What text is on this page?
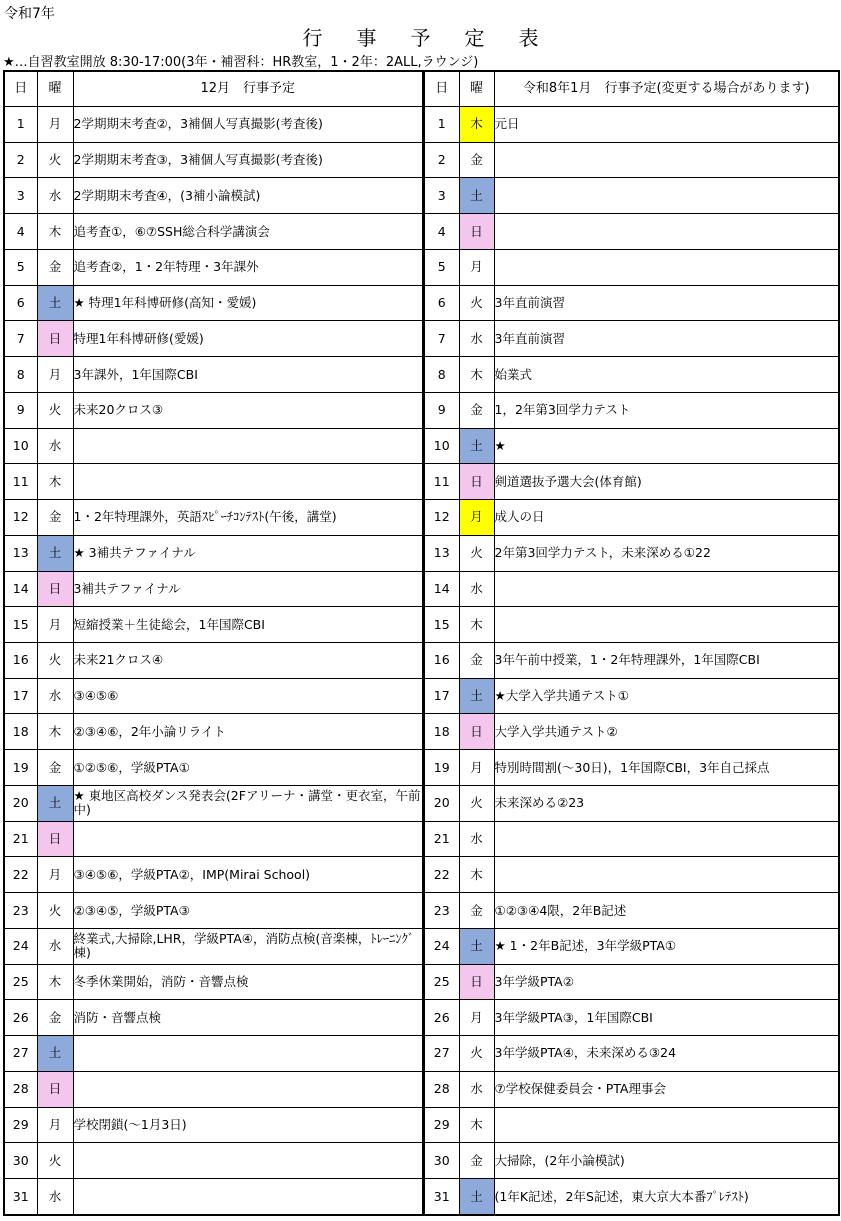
令和7年
行事予定表
★…自習教室開放 8:30-17:00(3年・補習科：HR教室，1・2年：2ALL,ラウンジ)
日	曜	12月　行事予定		日	曜	令和8年1月　行事予定(変更する場合があります)
1	月	2学期期末考査②，3補個人写真撮影(考査後)		1	木	元日
2	火	2学期期末考査③，3補個人写真撮影(考査後)		2	金	
3	水	2学期期末考査④，(3補小論模試)		3	土	
4	木	追考査①，⑥⑦SSH総合科学講演会		4	日	
5	金	追考査②，1・2年特理・3年課外		5	月	
6	土	★ 特理1年科博研修(高知・愛媛)		6	火	3年直前演習
7	日	特理1年科博研修(愛媛)		7	水	3年直前演習
8	月	3年課外，1年国際CBI		8	木	始業式
9	火	未来20クロス③		9	金	1，2年第3回学力テスト
10	水			10	土	★
11	木			11	日	剣道選抜予選大会(体育館)
12	金	1・2年特理課外，英語ｽﾋﾟｰﾁｺﾝﾃｽﾄ(午後，講堂)		12	月	成人の日
13	土	★ 3補共テファイナル		13	火	2年第3回学力テスト，未来深める①22
14	日	3補共テファイナル		14	水	
15	月	短縮授業＋生徒総会，1年国際CBI		15	木	
16	火	未来21クロス④		16	金	3年午前中授業，1・2年特理課外，1年国際CBI
17	水	③④⑤⑥		17	土	★大学入学共通テスト①
18	木	②③④⑥，2年小論リライト		18	日	大学入学共通テスト②
19	金	①②⑤⑥，学級PTA①		19	月	特別時間割(～30日)，1年国際CBI，3年自己採点
20	土	★ 東地区高校ダンス発表会(2Fアリーナ・講堂・更衣室，午前中)		20	火	未来深める②23
21	日			21	水	
22	月	③④⑤⑥，学級PTA②，IMP(Mirai School)		22	木	
23	火	②③④⑤，学級PTA③		23	金	①②③④4限，2年B記述
24	水	終業式,大掃除,LHR，学級PTA④，消防点検(音楽棟，ﾄﾚｰﾆﾝｸﾞ棟)		24	土	★ 1・2年B記述，3年学級PTA①
25	木	冬季休業開始，消防・音響点検		25	日	3年学級PTA②
26	金	消防・音響点検		26	月	3年学級PTA③，1年国際CBI
27	土			27	火	3年学級PTA④，未来深める③24
28	日			28	水	⑦学校保健委員会・PTA理事会
29	月	学校閉鎖(～1月3日)		29	木	
30	火			30	金	大掃除，(2年小論模試)
31	水			31	土	(1年K記述，2年S記述，東大京大本番ﾌﾟﾚﾃｽﾄ)
